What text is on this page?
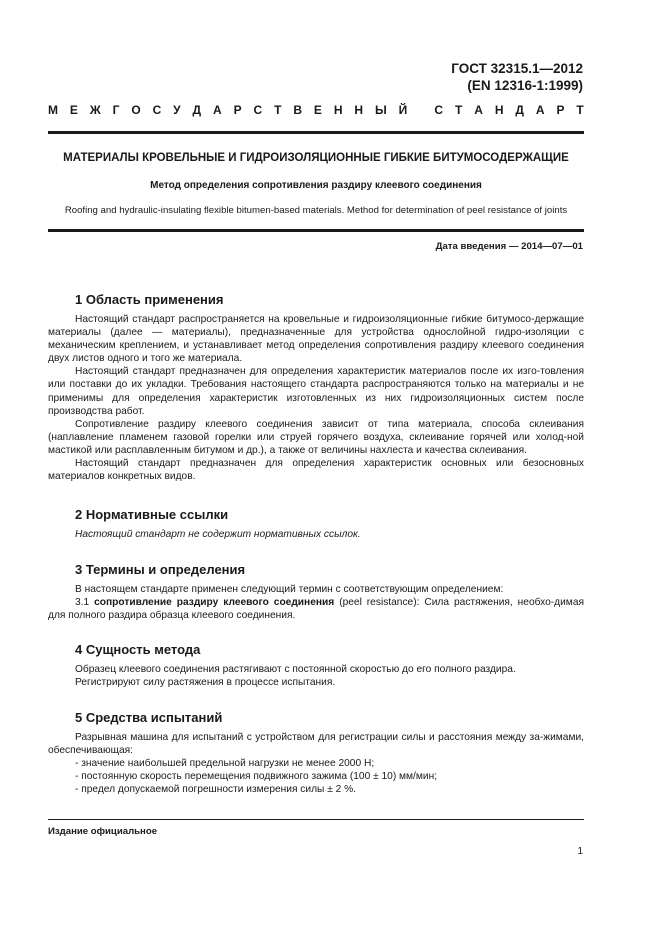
ГОСТ 32315.1—2012
(EN 12316-1:1999)
М Е Ж Г О С У Д А Р С Т В Е Н Н Ы Й
С Т А Н Д А Р Т
МАТЕРИАЛЫ КРОВЕЛЬНЫЕ И ГИДРОИЗОЛЯЦИОННЫЕ ГИБКИЕ БИТУМОСОДЕРЖАЩИЕ
Метод определения сопротивления раздиру клеевого соединения
Roofing and hydraulic-insulating flexible bitumen-based materials. Method for determination of peel resistance of joints
Дата введения — 2014—07—01
1 Область применения

Настоящий стандарт распространяется на кровельные и гидроизоляционные гибкие битумосо-держащие материалы (далее — материалы), предназначенные для устройства однослойной гидро-изоляции с механическим креплением, и устанавливает метод определения сопротивления раздиру клеевого соединения двух листов одного и того же материала.

Настоящий стандарт предназначен для определения характеристик материалов после их изго-товления или поставки до их укладки. Требования настоящего стандарта распространяются только на материалы и не применимы для определения характеристик изготовленных из них гидроизоляционных систем после производства работ.

Сопротивление раздиру клеевого соединения зависит от типа материала, способа склеивания (наплавление пламенем газовой горелки или струей горячего воздуха, склеивание горячей или холод-ной мастикой или расплавленным битумом и др.), а также от величины нахлеста и качества склеивания.

Настоящий стандарт предназначен для определения характеристик основных или безосновных материалов конкретных видов.

2 Нормативные ссылки

Настоящий стандарт не содержит нормативных ссылок.

3 Термины и определения

В настоящем стандарте применен следующий термин с соответствующим определением:

3.1 сопротивление раздиру клеевого соединения (peel resistance): Сила растяжения, необхо-димая для полного раздира образца клеевого соединения.

4 Сущность метода

Образец клеевого соединения растягивают с постоянной скоростью до его полного раздира.

Регистрируют силу растяжения в процессе испытания.

5 Средства испытаний

Разрывная машина для испытаний с устройством для регистрации силы и расстояния между за-жимами, обеспечивающая:

- значение наибольшей предельной нагрузки не менее 2000 Н;
- постоянную скорость перемещения подвижного зажима (100 ± 10) мм/мин;
- предел допускаемой погрешности измерения силы ± 2 %.
Издание официальное
1
